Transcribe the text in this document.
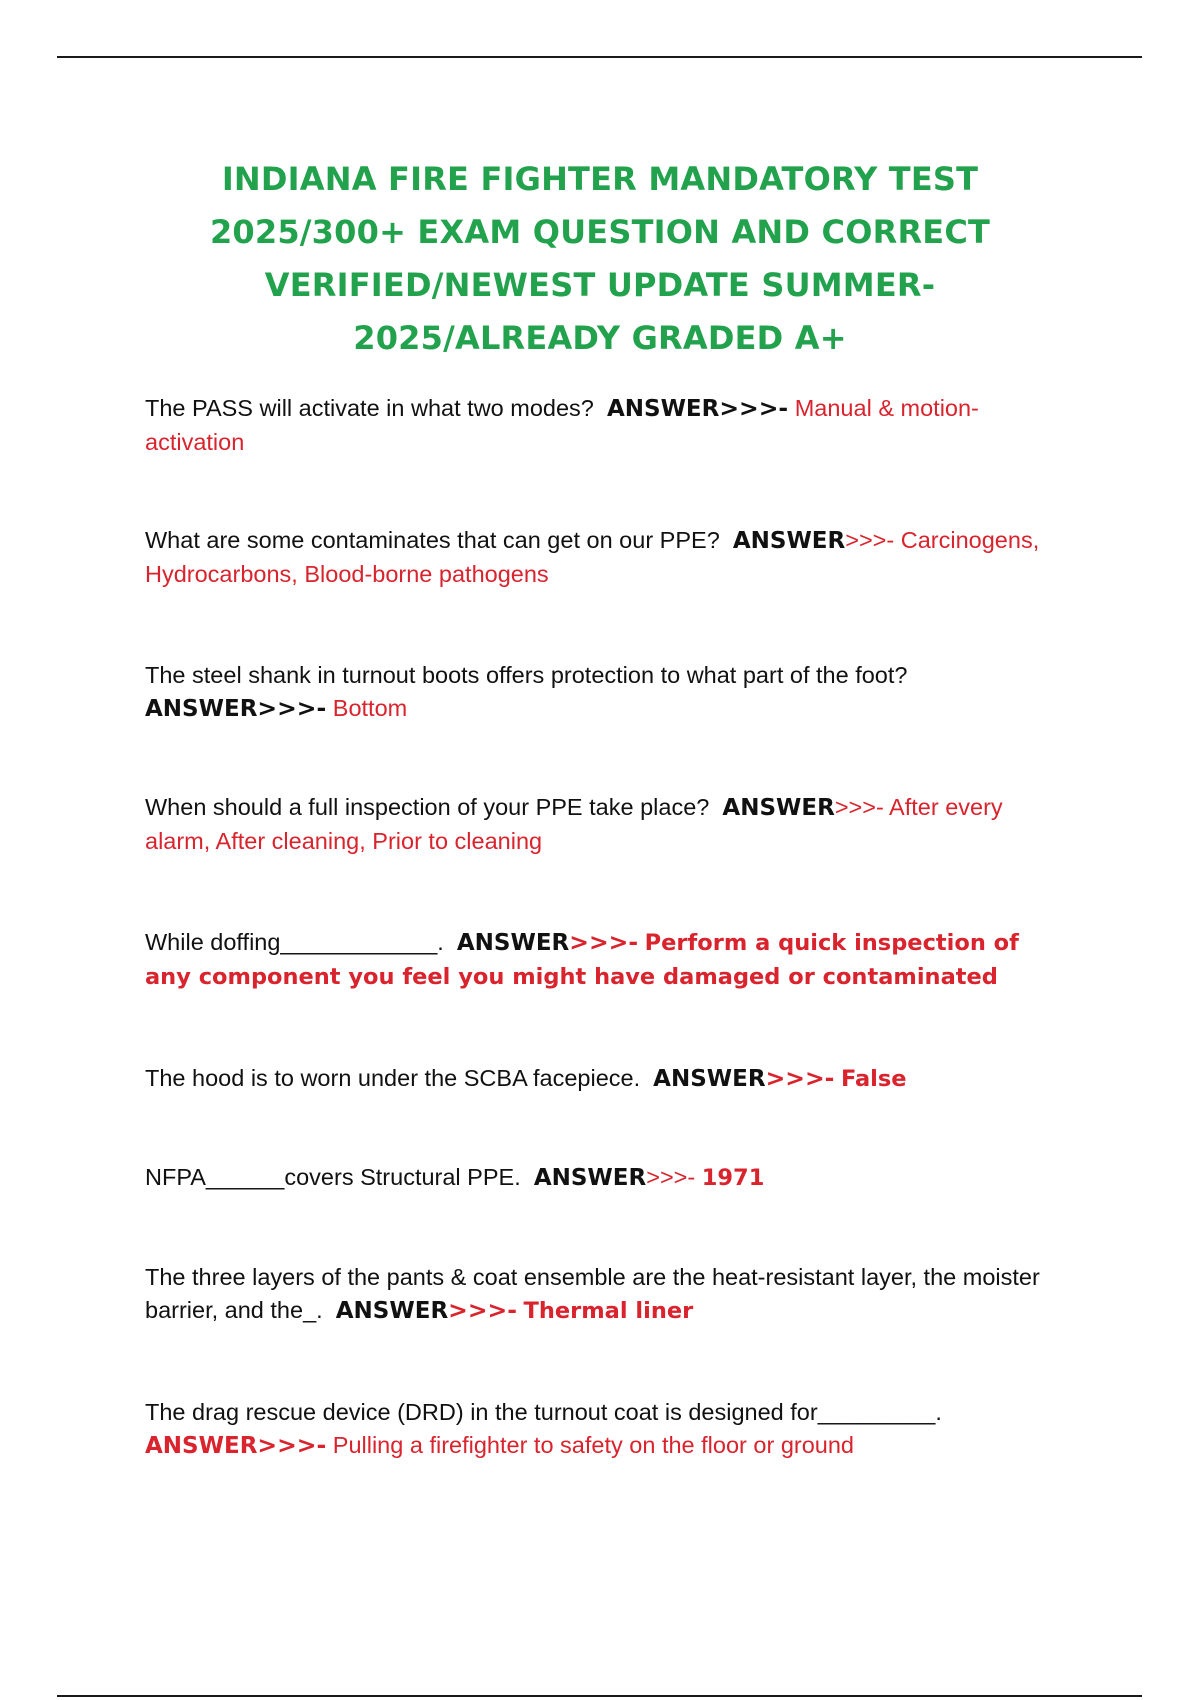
INDIANA FIRE FIGHTER MANDATORY TEST
2025/300+ EXAM QUESTION AND CORRECT
VERIFIED/NEWEST UPDATE SUMMER-
2025/ALREADY GRADED A+
The PASS will activate in what two modes? ANSWER>>>- Manual & motion-activation
What are some contaminates that can get on our PPE? ANSWER>>>- Carcinogens, Hydrocarbons, Blood-borne pathogens
The steel shank in turnout boots offers protection to what part of the foot? ANSWER>>>- Bottom
When should a full inspection of your PPE take place? ANSWER>>>- After every alarm, After cleaning, Prior to cleaning
While doffing____________. ANSWER>>>- Perform a quick inspection of any component you feel you might have damaged or contaminated
The hood is to worn under the SCBA facepiece. ANSWER>>>- False
NFPA______covers Structural PPE. ANSWER>>>- 1971
The three layers of the pants & coat ensemble are the heat-resistant layer, the moister barrier, and the_. ANSWER>>>- Thermal liner
The drag rescue device (DRD) in the turnout coat is designed for_________. ANSWER>>>- Pulling a firefighter to safety on the floor or ground
